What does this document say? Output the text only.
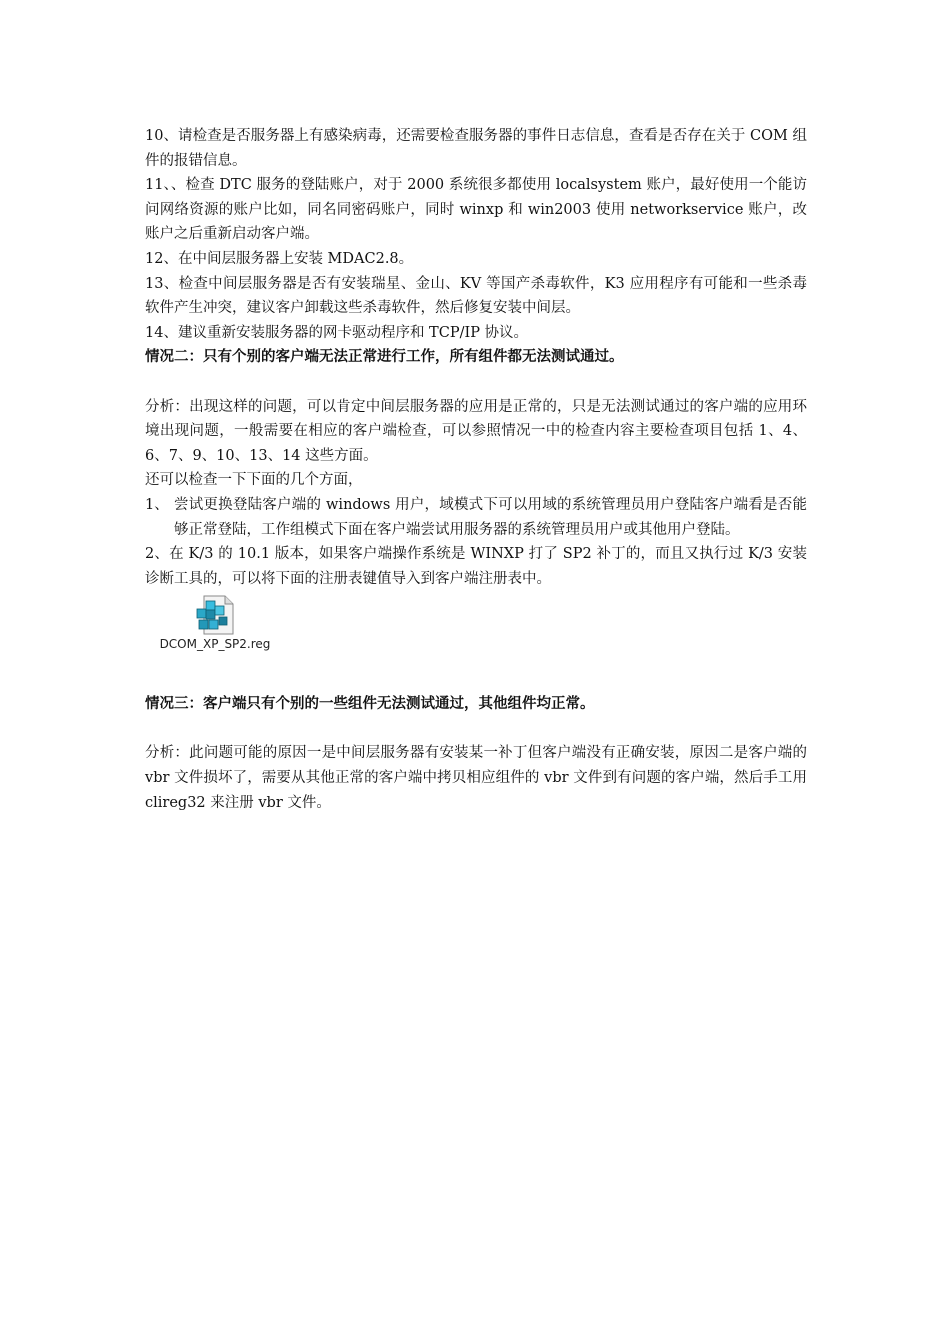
10、请检查是否服务器上有感染病毒，还需要检查服务器的事件日志信息，查看是否存在关于 COM 组件的报错信息。

11、、检查 DTC 服务的登陆账户，对于 2000 系统很多都使用 localsystem 账户，最好使用一个能访问网络资源的账户比如，同名同密码账户，同时 winxp 和 win2003 使用 networkservice 账户，改账户之后重新启动客户端。

12、在中间层服务器上安装 MDAC2.8。

13、检查中间层服务器是否有安装瑞星、金山、KV 等国产杀毒软件，K3 应用程序有可能和一些杀毒软件产生冲突，建议客户卸载这些杀毒软件，然后修复安装中间层。

14、建议重新安装服务器的网卡驱动程序和 TCP/IP 协议。

情况二：只有个别的客户端无法正常进行工作，所有组件都无法测试通过。

分析：出现这样的问题，可以肯定中间层服务器的应用是正常的，只是无法测试通过的客户端的应用环境出现问题，一般需要在相应的客户端检查，可以参照情况一中的检查内容主要检查项目包括 1、4、6、7、9、10、13、14 这些方面。

还可以检查一下下面的几个方面，

1、 尝试更换登陆客户端的 windows 用户，域模式下可以用域的系统管理员用户登陆客户端看是否能够正常登陆，工作组模式下面在客户端尝试用服务器的系统管理员用户或其他用户登陆。

2、在 K/3 的 10.1 版本，如果客户端操作系统是 WINXP 打了 SP2 补丁的，而且又执行过 K/3 安装诊断工具的，可以将下面的注册表键值导入到客户端注册表中。

DCOM_XP_SP2.reg

情况三：客户端只有个别的一些组件无法测试通过，其他组件均正常。

分析：此问题可能的原因一是中间层服务器有安装某一补丁但客户端没有正确安装，原因二是客户端的 vbr 文件损坏了，需要从其他正常的客户端中拷贝相应组件的 vbr 文件到有问题的客户端，然后手工用 clireg32 来注册 vbr 文件。
